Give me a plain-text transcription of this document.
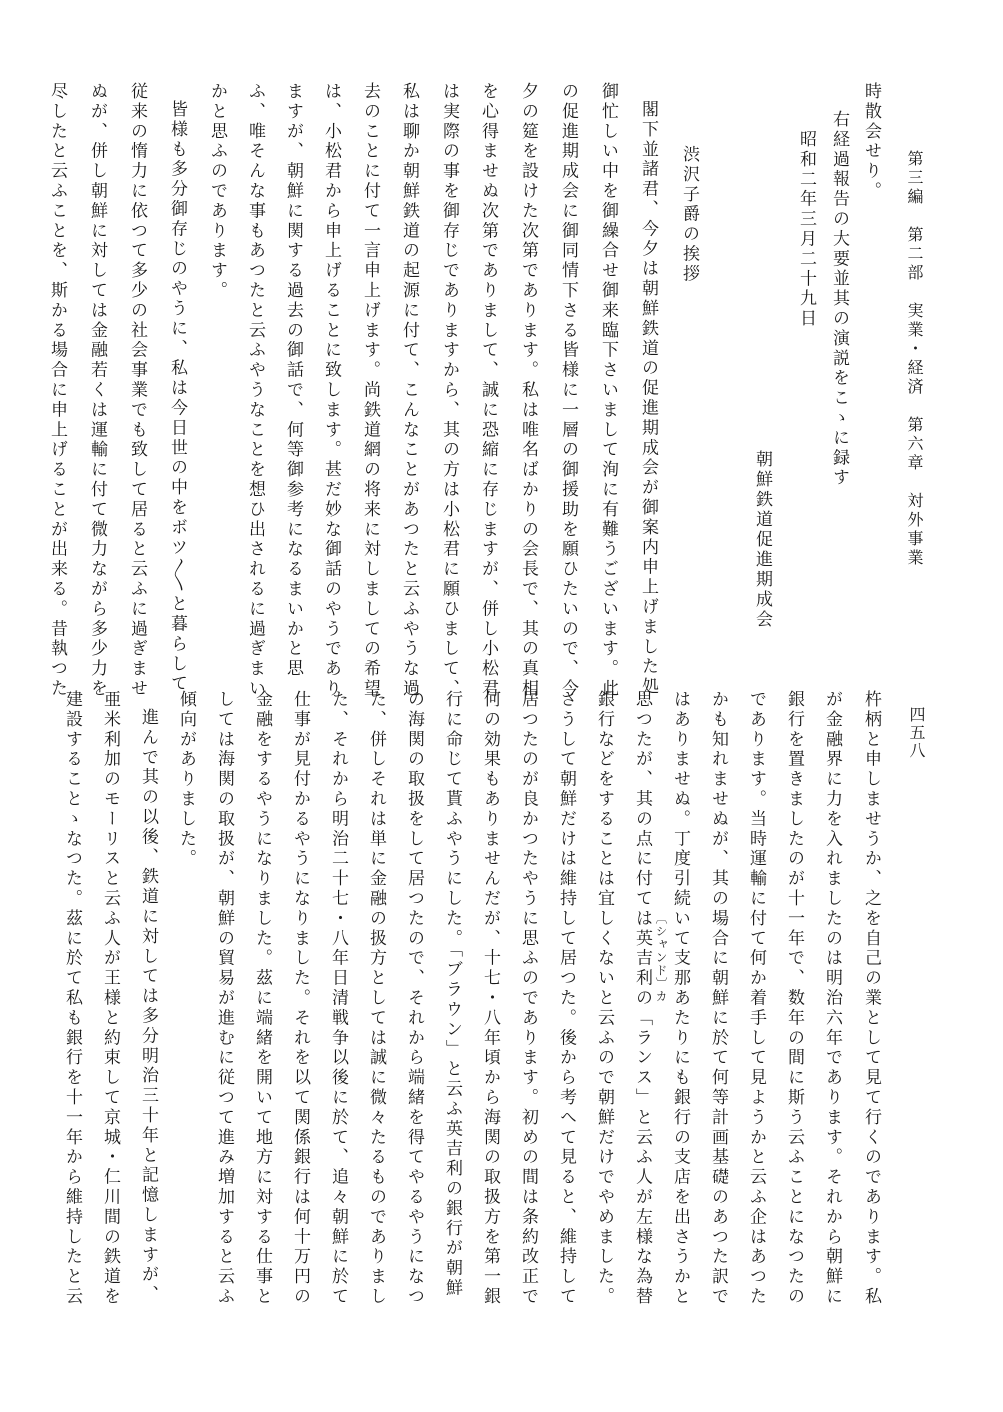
第三編　第二部　実業・経済　第六章　対外事業
四五八
時散会せり。
右経過報告の大要並其の演説をこゝに録す
昭和二年三月二十九日
朝鮮鉄道促進期成会
渋沢子爵の挨拶
閣下並諸君、今夕は朝鮮鉄道の促進期成会が御案内申上げました処
御忙しい中を御繰合せ御来臨下さいまして洵に有難うございます。此
の促進期成会に御同情下さる皆様に一層の御援助を願ひたいので、今
夕の筵を設けた次第であります。私は唯名ばかりの会長で、其の真相
を心得ませぬ次第でありまして、誠に恐縮に存じますが、併し小松君
は実際の事を御存じでありますから、其の方は小松君に願ひまして、
私は聊か朝鮮鉄道の起源に付て、こんなことがあつたと云ふやうな過
去のことに付て一言申上げます。尚鉄道網の将来に対しましての希望
は、小松君から申上げることに致します。甚だ妙な御話のやうであり
ますが、朝鮮に関する過去の御話で、何等御参考になるまいかと思
ふ、唯そんな事もあつたと云ふやうなことを想ひ出されるに過ぎまい
かと思ふのであります。
皆様も多分御存じのやうに、私は今日世の中をボツ〳〵と暮らして
従来の惰力に依つて多少の社会事業でも致して居ると云ふに過ぎませ
ぬが、併し朝鮮に対しては金融若くは運輸に付て微力ながら多少力を
尽したと云ふことを、斯かる場合に申上げることが出来る。昔執つた
杵柄と申しませうか、之を自己の業として見て行くのであります。私
が金融界に力を入れましたのは明治六年であります。それから朝鮮に
銀行を置きましたのが十一年で、数年の間に斯う云ふことになつたの
であります。当時運輸に付て何か着手して見ようかと云ふ企はあつた
かも知れませぬが、其の場合に朝鮮に於て何等計画基礎のあつた訳で
はありませぬ。丁度引続いて支那あたりにも銀行の支店を出さうかと
〔シャンド〕カ
思つたが、其の点に付ては英吉利の「ランス」と云ふ人が左様な為替
銀行などをすることは宜しくないと云ふので朝鮮だけでやめました。
さうして朝鮮だけは維持して居つた。後から考へて見ると、維持して
居つたのが良かつたやうに思ふのであります。初めの間は条約改正で
何の効果もありませんだが、十七・八年頃から海関の取扱方を第一銀
行に命じて貰ふやうにした。「ブラウン」と云ふ英吉利の銀行が朝鮮
の海関の取扱をして居つたので、それから端緒を得てやるやうになつ
た、併しそれは単に金融の扱方としては誠に微々たるものでありまし
た、それから明治二十七・八年日清戦争以後に於て、追々朝鮮に於て
仕事が見付かるやうになりました。それを以て関係銀行は何十万円の
金融をするやうになりました。茲に端緒を開いて地方に対する仕事と
しては海関の取扱が、朝鮮の貿易が進むに従つて進み増加すると云ふ
傾向がありました。
進んで其の以後、鉄道に対しては多分明治三十年と記憶しますが、
亜米利加のモーリスと云ふ人が王様と約束して京城・仁川間の鉄道を
建設することゝなつた。茲に於て私も銀行を十一年から維持したと云
